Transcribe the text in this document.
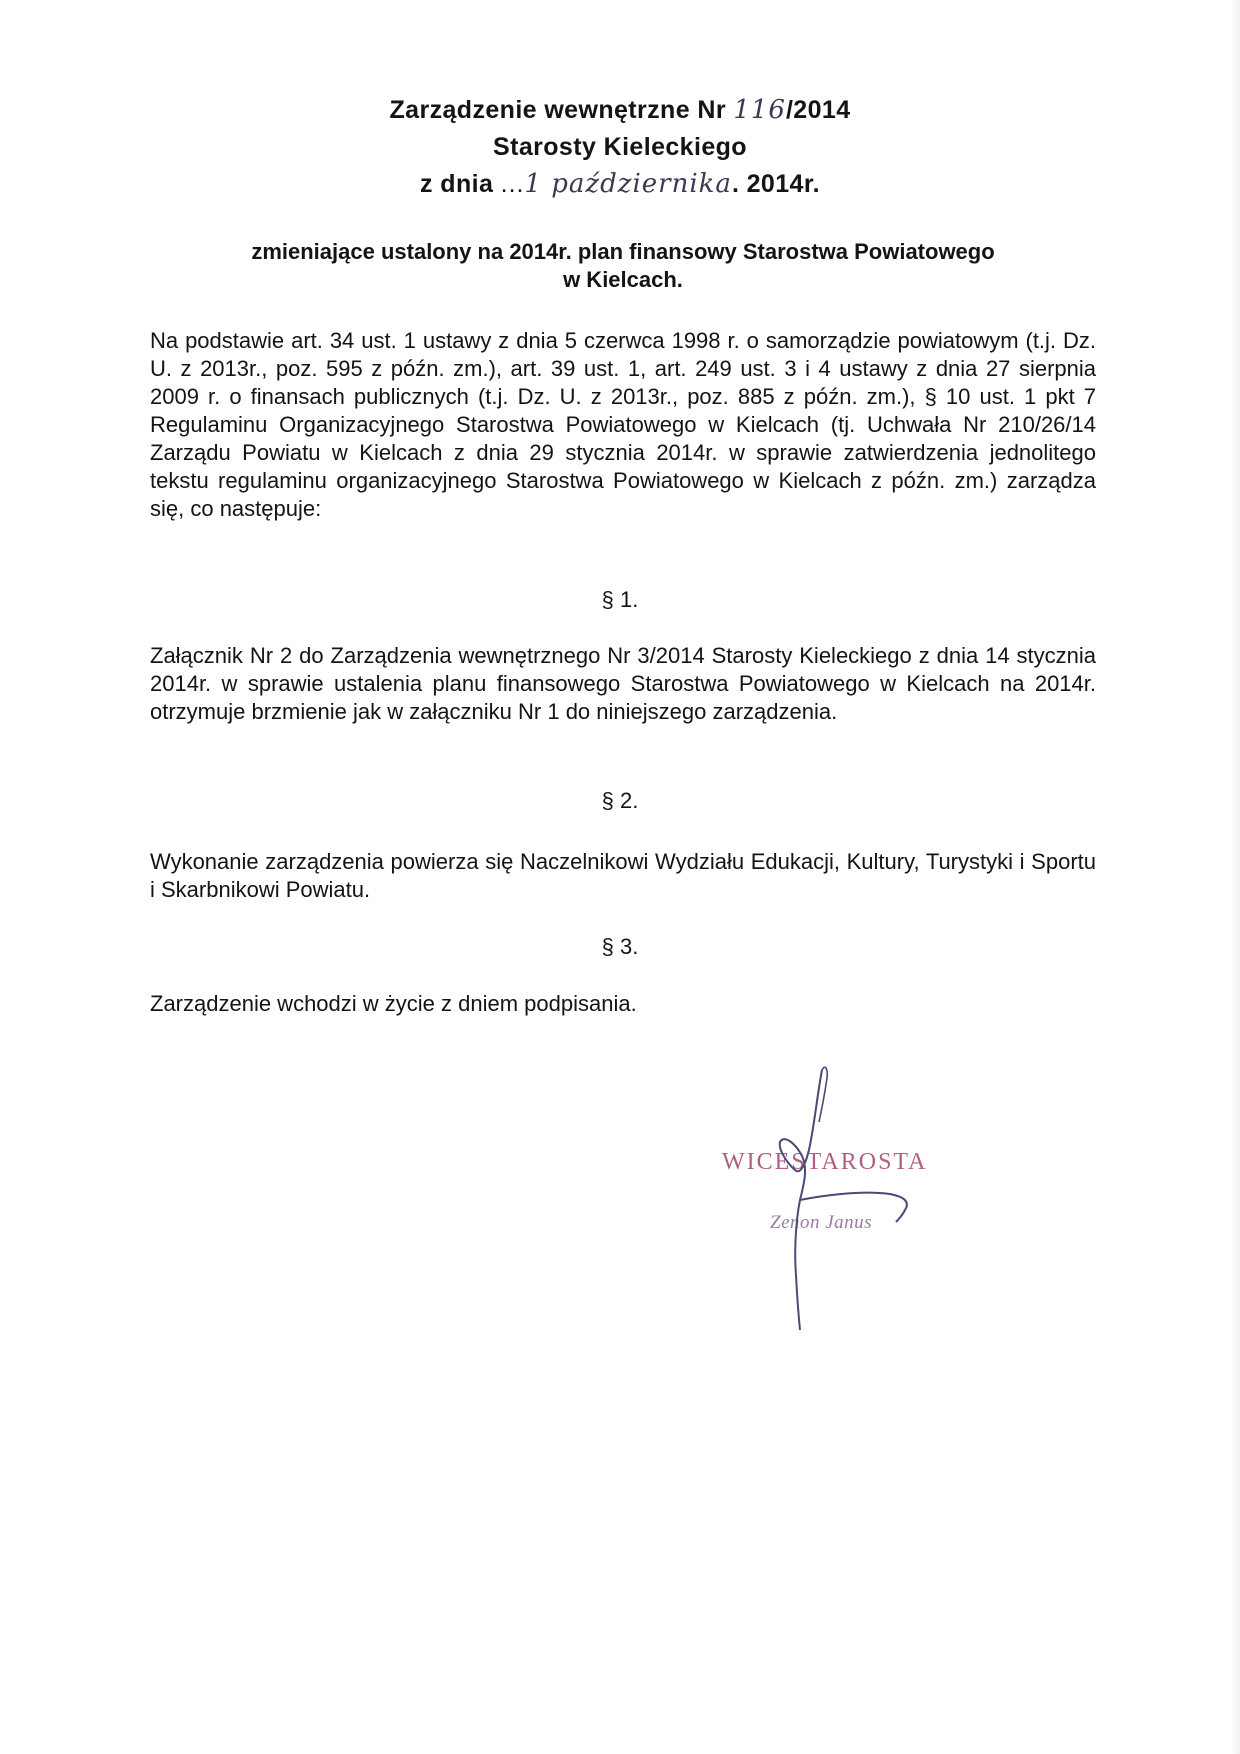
Zarządzenie wewnętrzne Nr 116/2014
Starosty Kieleckiego
z dnia ...1 października. 2014r.
zmieniające ustalony na 2014r. plan finansowy Starostwa Powiatowego
w Kielcach.
Na podstawie art. 34 ust. 1 ustawy z dnia 5 czerwca 1998 r. o samorządzie powiatowym (t.j. Dz. U. z 2013r., poz. 595 z późn. zm.), art. 39 ust. 1, art. 249 ust. 3 i 4 ustawy z dnia 27 sierpnia 2009 r. o finansach publicznych (t.j. Dz. U. z 2013r., poz. 885 z późn. zm.), § 10 ust. 1 pkt 7 Regulaminu Organizacyjnego Starostwa Powiatowego w Kielcach (tj. Uchwała Nr 210/26/14 Zarządu Powiatu w Kielcach z dnia 29 stycznia 2014r. w sprawie zatwierdzenia jednolitego tekstu regulaminu organizacyjnego Starostwa Powiatowego w Kielcach z późn. zm.) zarządza się, co następuje:
§ 1.
Załącznik Nr 2 do Zarządzenia wewnętrznego Nr 3/2014 Starosty Kieleckiego z dnia 14 stycznia 2014r. w sprawie ustalenia planu finansowego Starostwa Powiatowego w Kielcach na 2014r. otrzymuje brzmienie jak w załączniku Nr 1 do niniejszego zarządzenia.
§ 2.
Wykonanie zarządzenia powierza się Naczelnikowi Wydziału Edukacji, Kultury, Turystyki i Sportu i Skarbnikowi Powiatu.
§ 3.
Zarządzenie wchodzi w życie z dniem podpisania.
WICESTAROSTA
Zenon Janus
